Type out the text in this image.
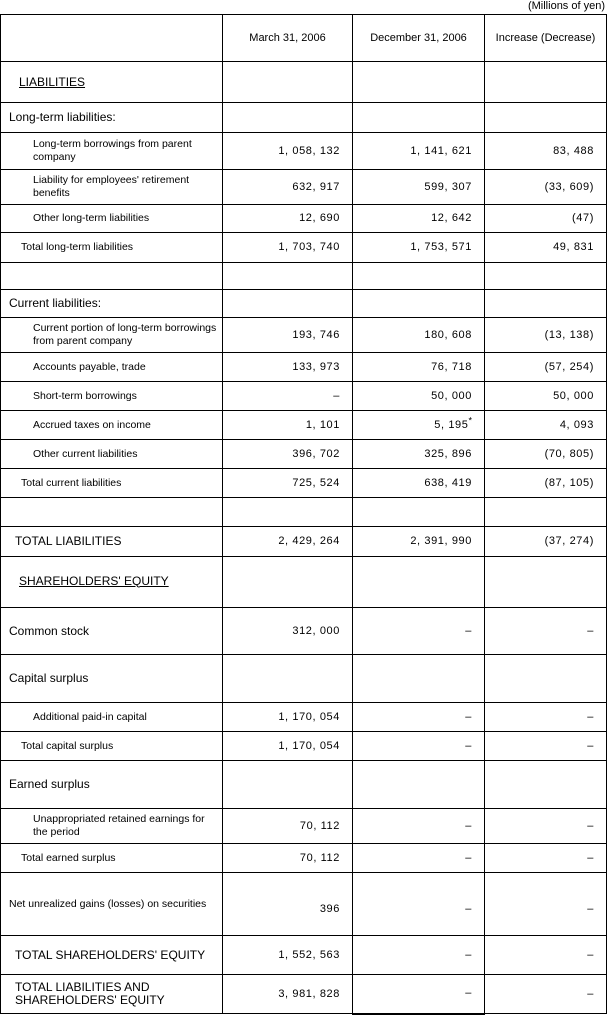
(Millions of yen)
	March 31, 2006	December 31, 2006	Increase (Decrease)

LIABILITIES			

Long-term liabilities:			

Long-term borrowings from parent company	1, 058, 132	1, 141, 621	83, 488

Liability for employees' retirement benefits	632, 917	599, 307	(33, 609)

Other long-term liabilities	12, 690	12, 642	(47)

Total long-term liabilities	1, 703, 740	1, 753, 571	49, 831

Current liabilities:			

Current portion of long-term borrowings from parent company	193, 746	180, 608	(13, 138)

Accounts payable, trade	133, 973	76, 718	(57, 254)

Short-term borrowings	–	50, 000	50, 000

Accrued taxes on income	1, 101	5, 195*	4, 093

Other current liabilities	396, 702	325, 896	(70, 805)

Total current liabilities	725, 524	638, 419	(87, 105)

TOTAL LIABILITIES	2, 429, 264	2, 391, 990	(37, 274)

SHAREHOLDERS' EQUITY			

Common stock	312, 000	–	–

Capital surplus			

Additional paid-in capital	1, 170, 054	–	–

Total capital surplus	1, 170, 054	–	–

Earned surplus			

Unappropriated retained earnings for the period	70, 112	–	–

Total earned surplus	70, 112	–	–

Net unrealized gains (losses) on securities	396	–	–

TOTAL SHAREHOLDERS' EQUITY	1, 552, 563	–	–

TOTAL LIABILITIES AND SHAREHOLDERS' EQUITY	3, 981, 828	–	–
